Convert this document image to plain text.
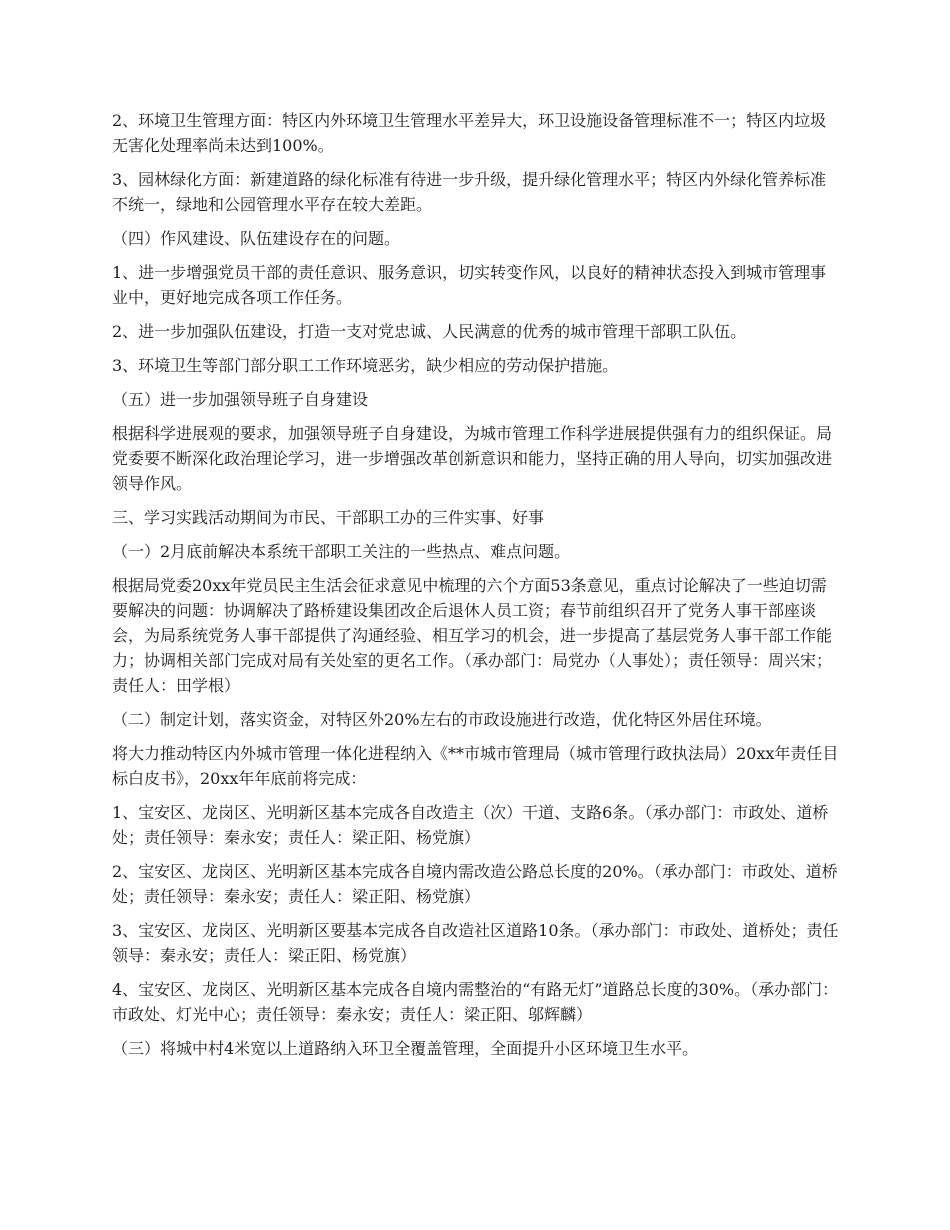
2、环境卫生管理方面：特区内外环境卫生管理水平差异大，环卫设施设备管理标准不一；特区内垃圾无害化处理率尚未达到100%。

3、园林绿化方面：新建道路的绿化标准有待进一步升级，提升绿化管理水平；特区内外绿化管养标准不统一，绿地和公园管理水平存在较大差距。

（四）作风建设、队伍建设存在的问题。

1、进一步增强党员干部的责任意识、服务意识，切实转变作风，以良好的精神状态投入到城市管理事业中，更好地完成各项工作任务。

2、进一步加强队伍建设，打造一支对党忠诚、人民满意的优秀的城市管理干部职工队伍。

3、环境卫生等部门部分职工工作环境恶劣，缺少相应的劳动保护措施。

（五）进一步加强领导班子自身建设

根据科学进展观的要求，加强领导班子自身建设，为城市管理工作科学进展提供强有力的组织保证。局党委要不断深化政治理论学习，进一步增强改革创新意识和能力，坚持正确的用人导向，切实加强改进领导作风。

三、学习实践活动期间为市民、干部职工办的三件实事、好事

（一）2月底前解决本系统干部职工关注的一些热点、难点问题。

根据局党委20xx年党员民主生活会征求意见中梳理的六个方面53条意见，重点讨论解决了一些迫切需要解决的问题：协调解决了路桥建设集团改企后退休人员工资；春节前组织召开了党务人事干部座谈会，为局系统党务人事干部提供了沟通经验、相互学习的机会，进一步提高了基层党务人事干部工作能力；协调相关部门完成对局有关处室的更名工作。（承办部门：局党办（人事处）；责任领导：周兴宋；责任人：田学根）

（二）制定计划，落实资金，对特区外20%左右的市政设施进行改造，优化特区外居住环境。

将大力推动特区内外城市管理一体化进程纳入《**市城市管理局（城市管理行政执法局）20xx年责任目标白皮书》，20xx年年底前将完成：

1、宝安区、龙岗区、光明新区基本完成各自改造主（次）干道、支路6条。（承办部门：市政处、道桥处；责任领导：秦永安；责任人：梁正阳、杨党旗）

2、宝安区、龙岗区、光明新区基本完成各自境内需改造公路总长度的20%。（承办部门：市政处、道桥处；责任领导：秦永安；责任人：梁正阳、杨党旗）

3、宝安区、龙岗区、光明新区要基本完成各自改造社区道路10条。（承办部门：市政处、道桥处；责任领导：秦永安；责任人：梁正阳、杨党旗）

4、宝安区、龙岗区、光明新区基本完成各自境内需整治的“有路无灯”道路总长度的30%。（承办部门：市政处、灯光中心；责任领导：秦永安；责任人：梁正阳、邬辉麟）

（三）将城中村4米宽以上道路纳入环卫全覆盖管理，全面提升小区环境卫生水平。
